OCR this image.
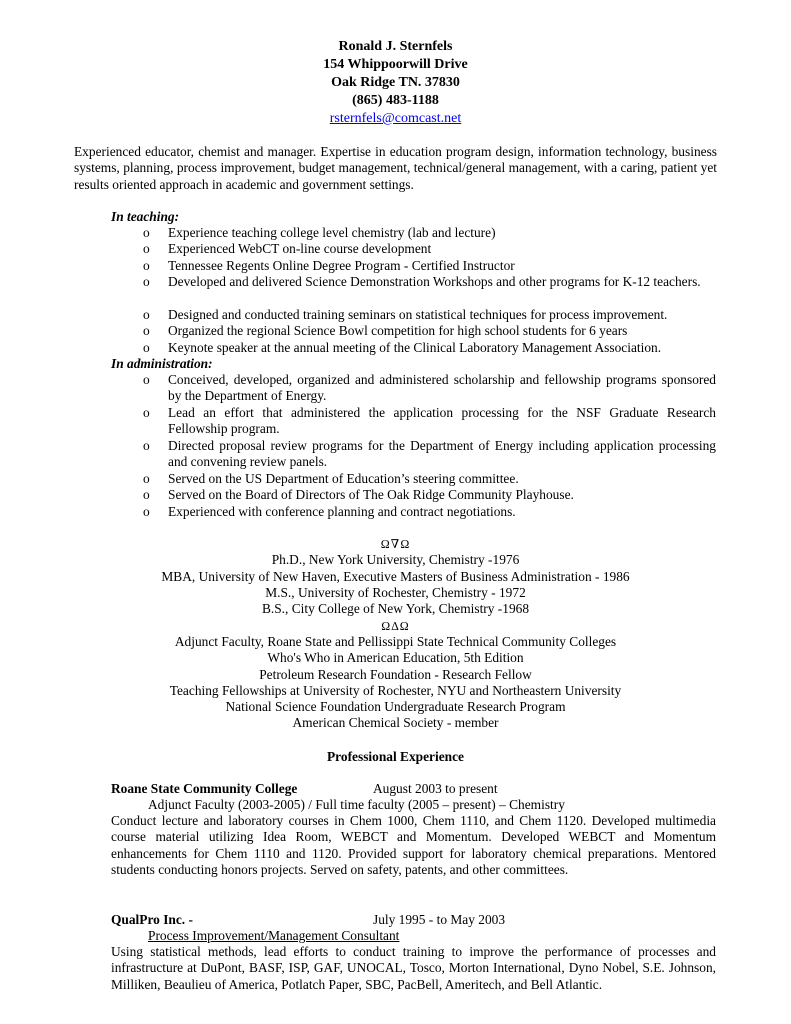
Ronald J. Sternfels
154 Whippoorwill Drive
Oak Ridge TN. 37830
(865) 483-1188
rsternfels@comcast.net

Experienced educator, chemist and manager. Expertise in education program design, information technology, business systems, planning, process improvement, budget management, technical/general management, with a caring, patient yet results oriented approach in academic and government settings.

In teaching:
o Experience teaching college level chemistry (lab and lecture)
o Experienced WebCT on-line course development
o Tennessee Regents Online Degree Program - Certified Instructor
o Developed and delivered Science Demonstration Workshops and other programs for K-12 teachers.
o Designed and conducted training seminars on statistical techniques for process improvement.
o Organized the regional Science Bowl competition for high school students for 6 years
o Keynote speaker at the annual meeting of the Clinical Laboratory Management Association.
In administration:
o Conceived, developed, organized and administered scholarship and fellowship programs sponsored by the Department of Energy.
o Lead an effort that administered the application processing for the NSF Graduate Research Fellowship program.
o Directed proposal review programs for the Department of Energy including application processing and convening review panels.
o Served on the US Department of Education’s steering committee.
o Served on the Board of Directors of The Oak Ridge Community Playhouse.
o Experienced with conference planning and contract negotiations.
Ω∇Ω
Ph.D., New York University, Chemistry -1976
MBA, University of New Haven, Executive Masters of Business Administration - 1986
M.S., University of Rochester, Chemistry - 1972
B.S., City College of New York, Chemistry -1968
Ω∆Ω
Adjunct Faculty, Roane State and Pellissippi State Technical Community Colleges
Who's Who in American Education, 5th Edition
Petroleum Research Foundation - Research Fellow
Teaching Fellowships at University of Rochester, NYU and Northeastern University
National Science Foundation Undergraduate Research Program
American Chemical Society - member
Professional Experience
Roane State Community College	August 2003 to present
Adjunct Faculty (2003-2005) / Full time faculty (2005 – present) – Chemistry

Conduct lecture and laboratory courses in Chem 1000, Chem 1110, and Chem 1120. Developed multimedia course material utilizing Idea Room, WEBCT and Momentum. Developed WEBCT and Momentum enhancements for Chem 1110 and 1120. Provided support for laboratory chemical preparations. Mentored students conducting honors projects. Served on safety, patents, and other committees.

QualPro Inc. -	July 1995 - to May 2003
Process Improvement/Management Consultant

Using statistical methods, lead efforts to conduct training to improve the performance of processes and infrastructure at DuPont, BASF, ISP, GAF, UNOCAL, Tosco, Morton International, Dyno Nobel, S.E. Johnson, Milliken, Beaulieu of America, Potlatch Paper, SBC, PacBell, Ameritech, and Bell Atlantic.
